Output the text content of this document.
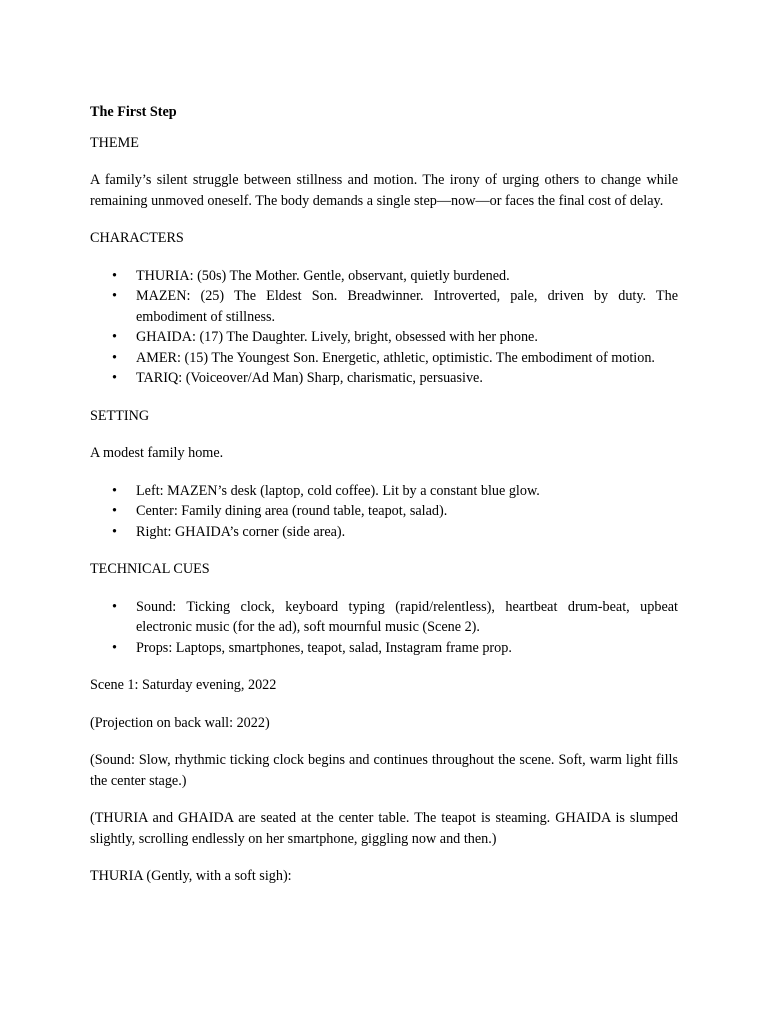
The First Step

THEME

A family’s silent struggle between stillness and motion. The irony of urging others to change while remaining unmoved oneself. The body demands a single step—now—or faces the final cost of delay.

CHARACTERS

• THURIA: (50s) The Mother. Gentle, observant, quietly burdened.
• MAZEN: (25) The Eldest Son. Breadwinner. Introverted, pale, driven by duty. The embodiment of stillness.
• GHAIDA: (17) The Daughter. Lively, bright, obsessed with her phone.
• AMER: (15) The Youngest Son. Energetic, athletic, optimistic. The embodiment of motion.
• TARIQ: (Voiceover/Ad Man) Sharp, charismatic, persuasive.

SETTING

A modest family home.

• Left: MAZEN’s desk (laptop, cold coffee). Lit by a constant blue glow.
• Center: Family dining area (round table, teapot, salad).
• Right: GHAIDA’s corner (side area).

TECHNICAL CUES

• Sound: Ticking clock, keyboard typing (rapid/relentless), heartbeat drum-beat, upbeat electronic music (for the ad), soft mournful music (Scene 2).
• Props: Laptops, smartphones, teapot, salad, Instagram frame prop.

Scene 1: Saturday evening, 2022

(Projection on back wall: 2022)

(Sound: Slow, rhythmic ticking clock begins and continues throughout the scene. Soft, warm light fills the center stage.)

(THURIA and GHAIDA are seated at the center table. The teapot is steaming. GHAIDA is slumped slightly, scrolling endlessly on her smartphone, giggling now and then.)

THURIA (Gently, with a soft sigh):
